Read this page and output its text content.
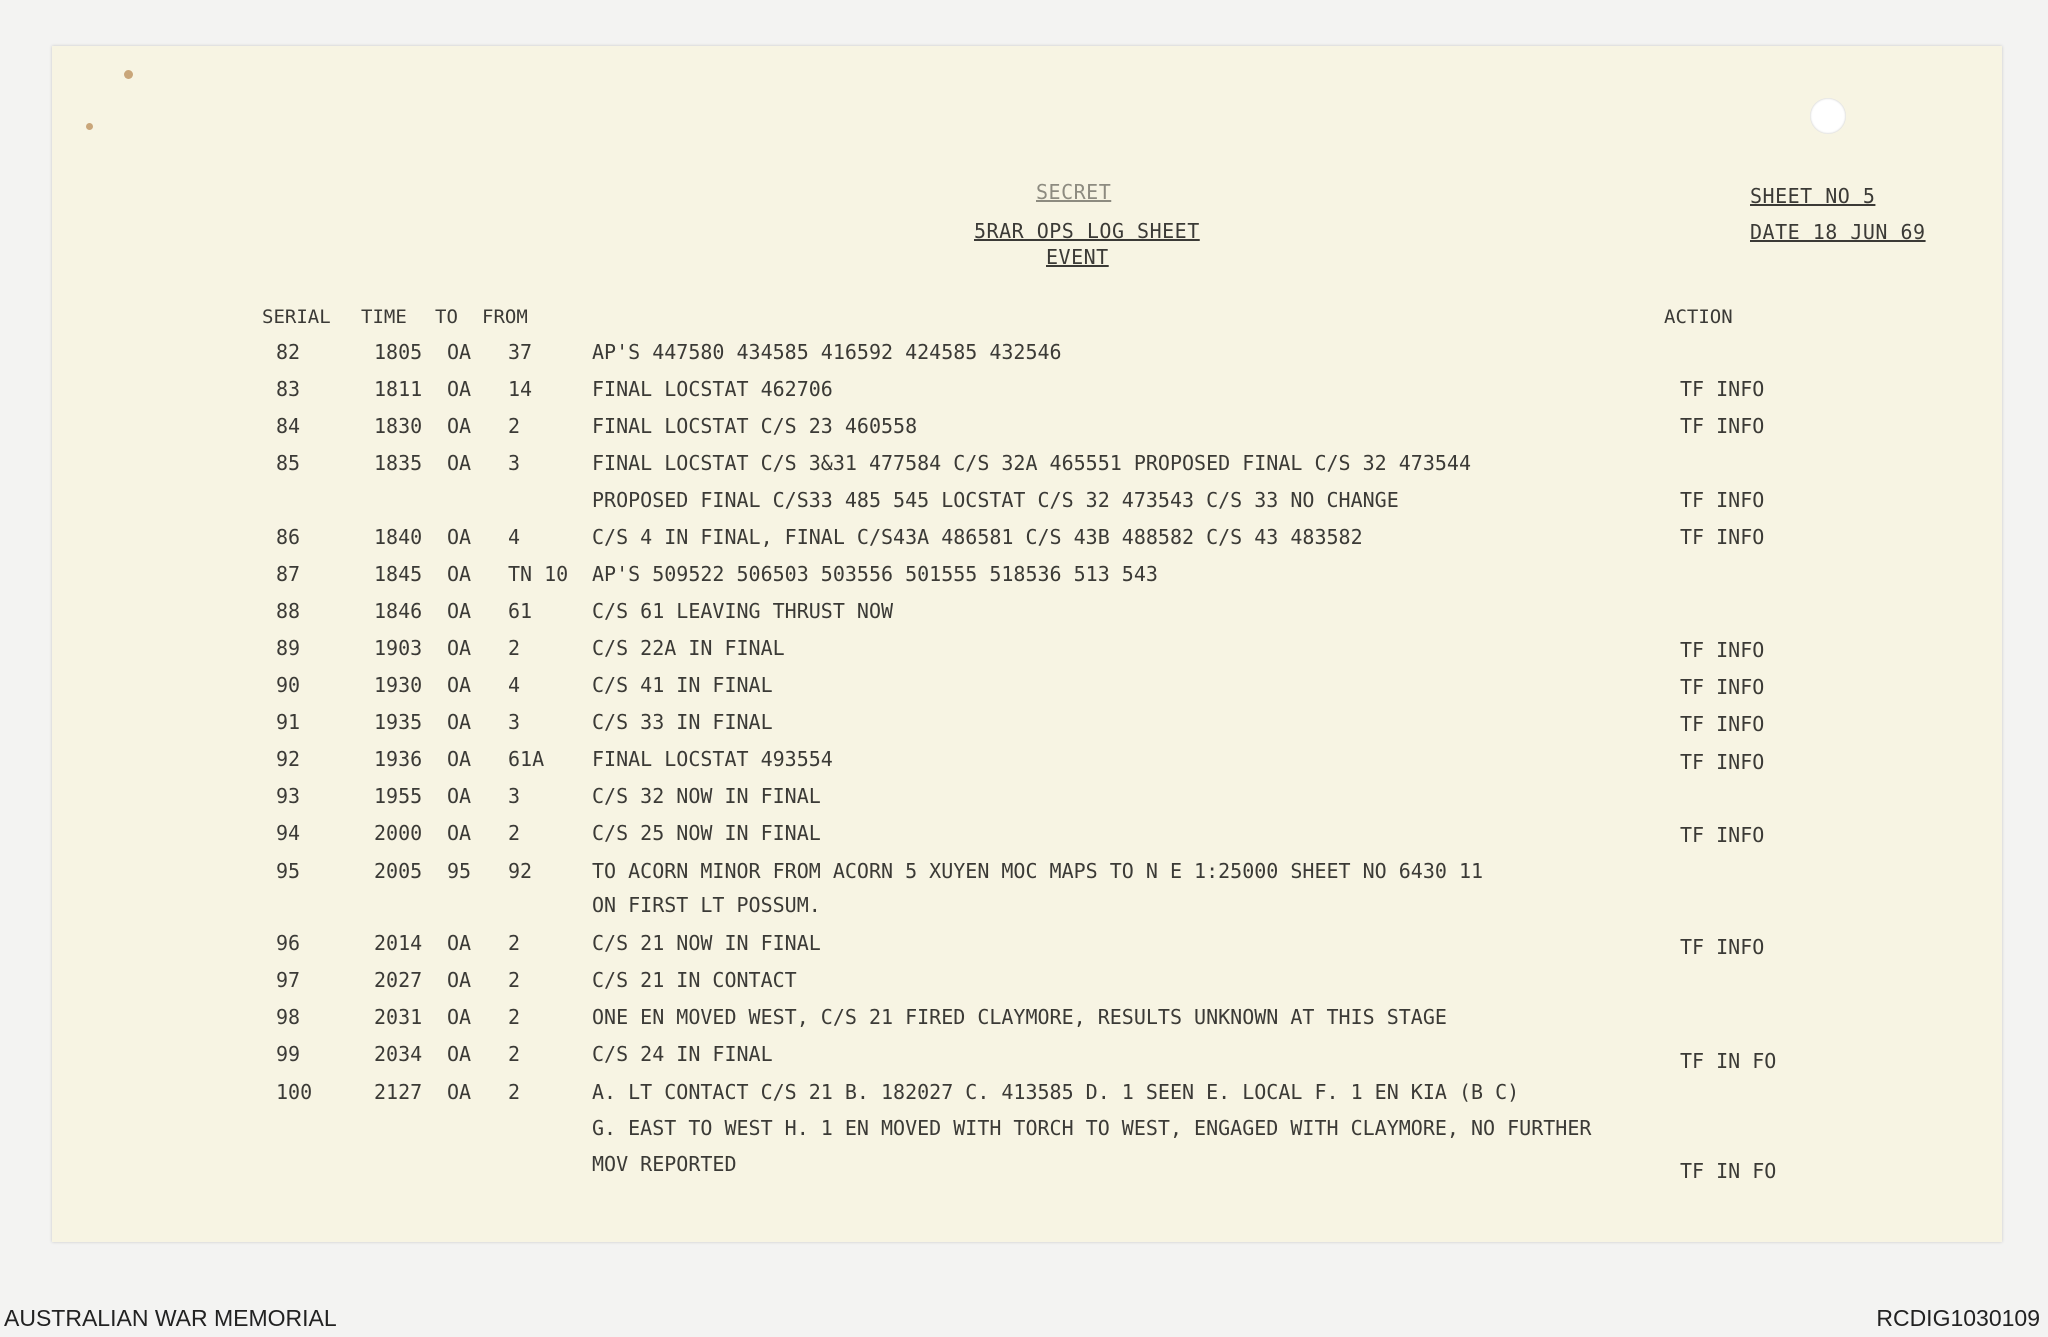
SECRET
5RAR OPS LOG SHEET
EVENT
SHEET NO 5
DATE 18 JUN 69
SERIAL TIME TO FROM	ACTION
82	1805 OA 37	AP'S 447580 434585 416592 424585 432546
83	1811 OA 14	FINAL LOCSTAT 462706	TF INFO
84	1830 OA 2	FINAL LOCSTAT C/S 23 460558	TF INFO
85	1835 OA 3	FINAL LOCSTAT C/S 3&31 477584 C/S 32A 465551 PROPOSED FINAL C/S 32 473544
PROPOSED FINAL C/S33 485 545 LOCSTAT C/S 32 473543 C/S 33 NO CHANGE	TF INFO
86	1840 OA 4	C/S 4 IN FINAL, FINAL C/S43A 486581 C/S 43B 488582 C/S 43 483582	TF INFO
87	1845 OA TN 10 AP'S 509522 506503 503556 501555 518536 513 543
88	1846 OA 61	C/S 61 LEAVING THRUST NOW
89	1903 OA 2	C/S 22A IN FINAL	TF INFO
90	1930 OA 4	C/S 41 IN FINAL	TF INFO
91	1935 OA 3	C/S 33 IN FINAL	TF INFO
92	1936 OA 61A FINAL LOCSTAT 493554	TF INFO
93	1955 OA 3	C/S 32 NOW IN FINAL
94	2000 OA 2	C/S 25 NOW IN FINAL	TF INFO
95	2005 95 92	TO ACORN MINOR FROM ACORN 5 XUYEN MOC MAPS TO N E 1:25000 SHEET NO 6430 11
ON FIRST LT POSSUM.
96	2014 OA 2	C/S 21 NOW IN FINAL	TF INFO
97	2027 OA 2	C/S 21 IN CONTACT
98	2031 OA 2	ONE EN MOVED WEST, C/S 21 FIRED CLAYMORE, RESULTS UNKNOWN AT THIS STAGE
99	2034 OA 2	C/S 24 IN FINAL	TF IN FO
100	2127 OA 2	A. LT CONTACT C/S 21 B. 182027 C. 413585 D. 1 SEEN E. LOCAL F. 1 EN KIA (B C)
G. EAST TO WEST H. 1 EN MOVED WITH TORCH TO WEST, ENGAGED WITH CLAYMORE, NO FURTHER
MOV REPORTED	TF IN FO
AUSTRALIAN WAR MEMORIAL	RCDIG1030109
